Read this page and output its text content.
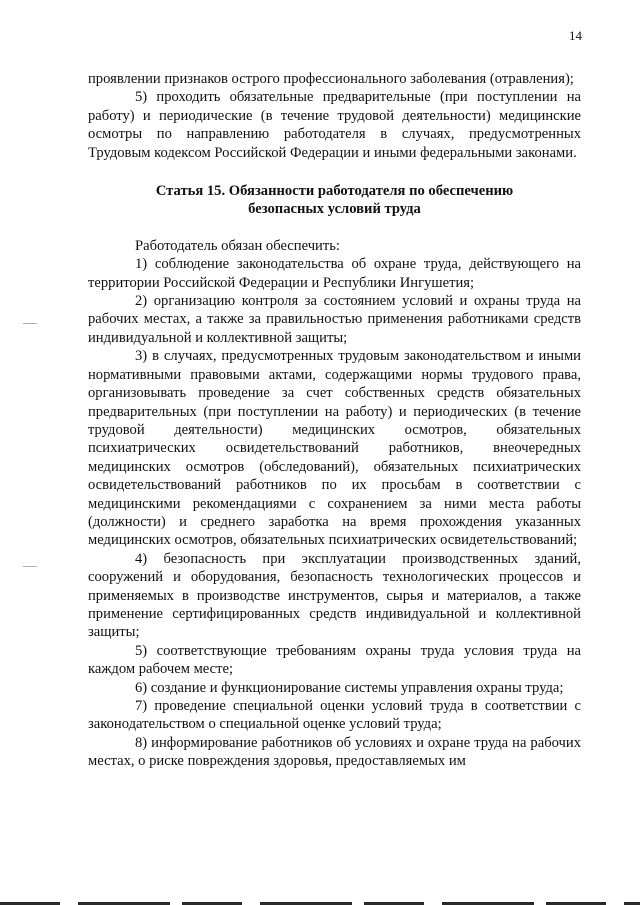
14

проявлении признаков острого профессионального заболевания (отравления);

5) проходить обязательные предварительные (при поступлении на работу) и периодические (в течение трудовой деятельности) медицинские осмотры по направлению работодателя в случаях, предусмотренных Трудовым кодексом Российской Федерации и иными федеральными законами.

Статья 15. Обязанности работодателя по обеспечению
безопасных условий труда

Работодатель обязан обеспечить:

1) соблюдение законодательства об охране труда, действующего на территории Российской Федерации и Республики Ингушетия;

2) организацию контроля за состоянием условий и охраны труда на рабочих местах, а также за правильностью применения работниками средств индивидуальной и коллективной защиты;

3) в случаях, предусмотренных трудовым законодательством и иными нормативными правовыми актами, содержащими нормы трудового права, организовывать проведение за счет собственных средств обязательных предварительных (при поступлении на работу) и периодических (в течение трудовой деятельности) медицинских осмотров, обязательных психиатрических освидетельствований работников, внеочередных медицинских осмотров (обследований), обязательных психиатрических освидетельствований работников по их просьбам в соответствии с медицинскими рекомендациями с сохранением за ними места работы (должности) и среднего заработка на время прохождения указанных медицинских осмотров, обязательных психиатрических освидетельствований;

4) безопасность при эксплуатации производственных зданий, сооружений и оборудования, безопасность технологических процессов и применяемых в производстве инструментов, сырья и материалов, а также применение сертифицированных средств индивидуальной и коллективной защиты;

5) соответствующие требованиям охраны труда условия труда на каждом рабочем месте;

6) создание и функционирование системы управления охраны труда;

7) проведение специальной оценки условий труда в соответствии с законодательством о специальной оценке условий труда;

8) информирование работников об условиях и охране труда на рабочих местах, о риске повреждения здоровья, предоставляемых им
